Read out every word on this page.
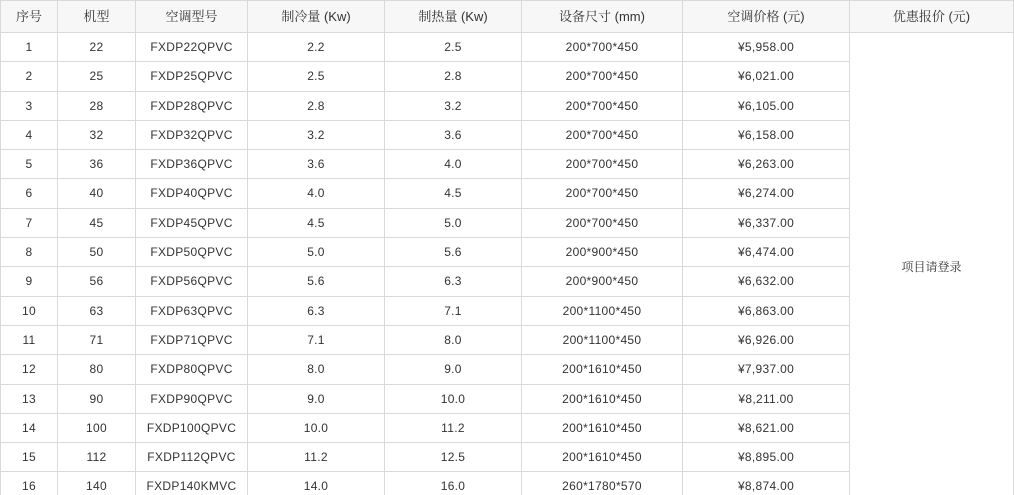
序号	机型	空调型号	制冷量 (Kw)	制热量 (Kw)	设备尺寸 (mm)	空调价格 (元)	优惠报价 (元)
1	22	FXDP22QPVC	2.2	2.5	200*700*450	¥5,958.00	项目请登录
2	25	FXDP25QPVC	2.5	2.8	200*700*450	¥6,021.00	
3	28	FXDP28QPVC	2.8	3.2	200*700*450	¥6,105.00	
4	32	FXDP32QPVC	3.2	3.6	200*700*450	¥6,158.00	
5	36	FXDP36QPVC	3.6	4.0	200*700*450	¥6,263.00	
6	40	FXDP40QPVC	4.0	4.5	200*700*450	¥6,274.00	
7	45	FXDP45QPVC	4.5	5.0	200*700*450	¥6,337.00	
8	50	FXDP50QPVC	5.0	5.6	200*900*450	¥6,474.00	
9	56	FXDP56QPVC	5.6	6.3	200*900*450	¥6,632.00	
10	63	FXDP63QPVC	6.3	7.1	200*1100*450	¥6,863.00	
11	71	FXDP71QPVC	7.1	8.0	200*1100*450	¥6,926.00	
12	80	FXDP80QPVC	8.0	9.0	200*1610*450	¥7,937.00	
13	90	FXDP90QPVC	9.0	10.0	200*1610*450	¥8,211.00	
14	100	FXDP100QPVC	10.0	11.2	200*1610*450	¥8,621.00	
15	112	FXDP112QPVC	11.2	12.5	200*1610*450	¥8,895.00	
16	140	FXDP140KMVC	14.0	16.0	260*1780*570	¥8,874.00	
